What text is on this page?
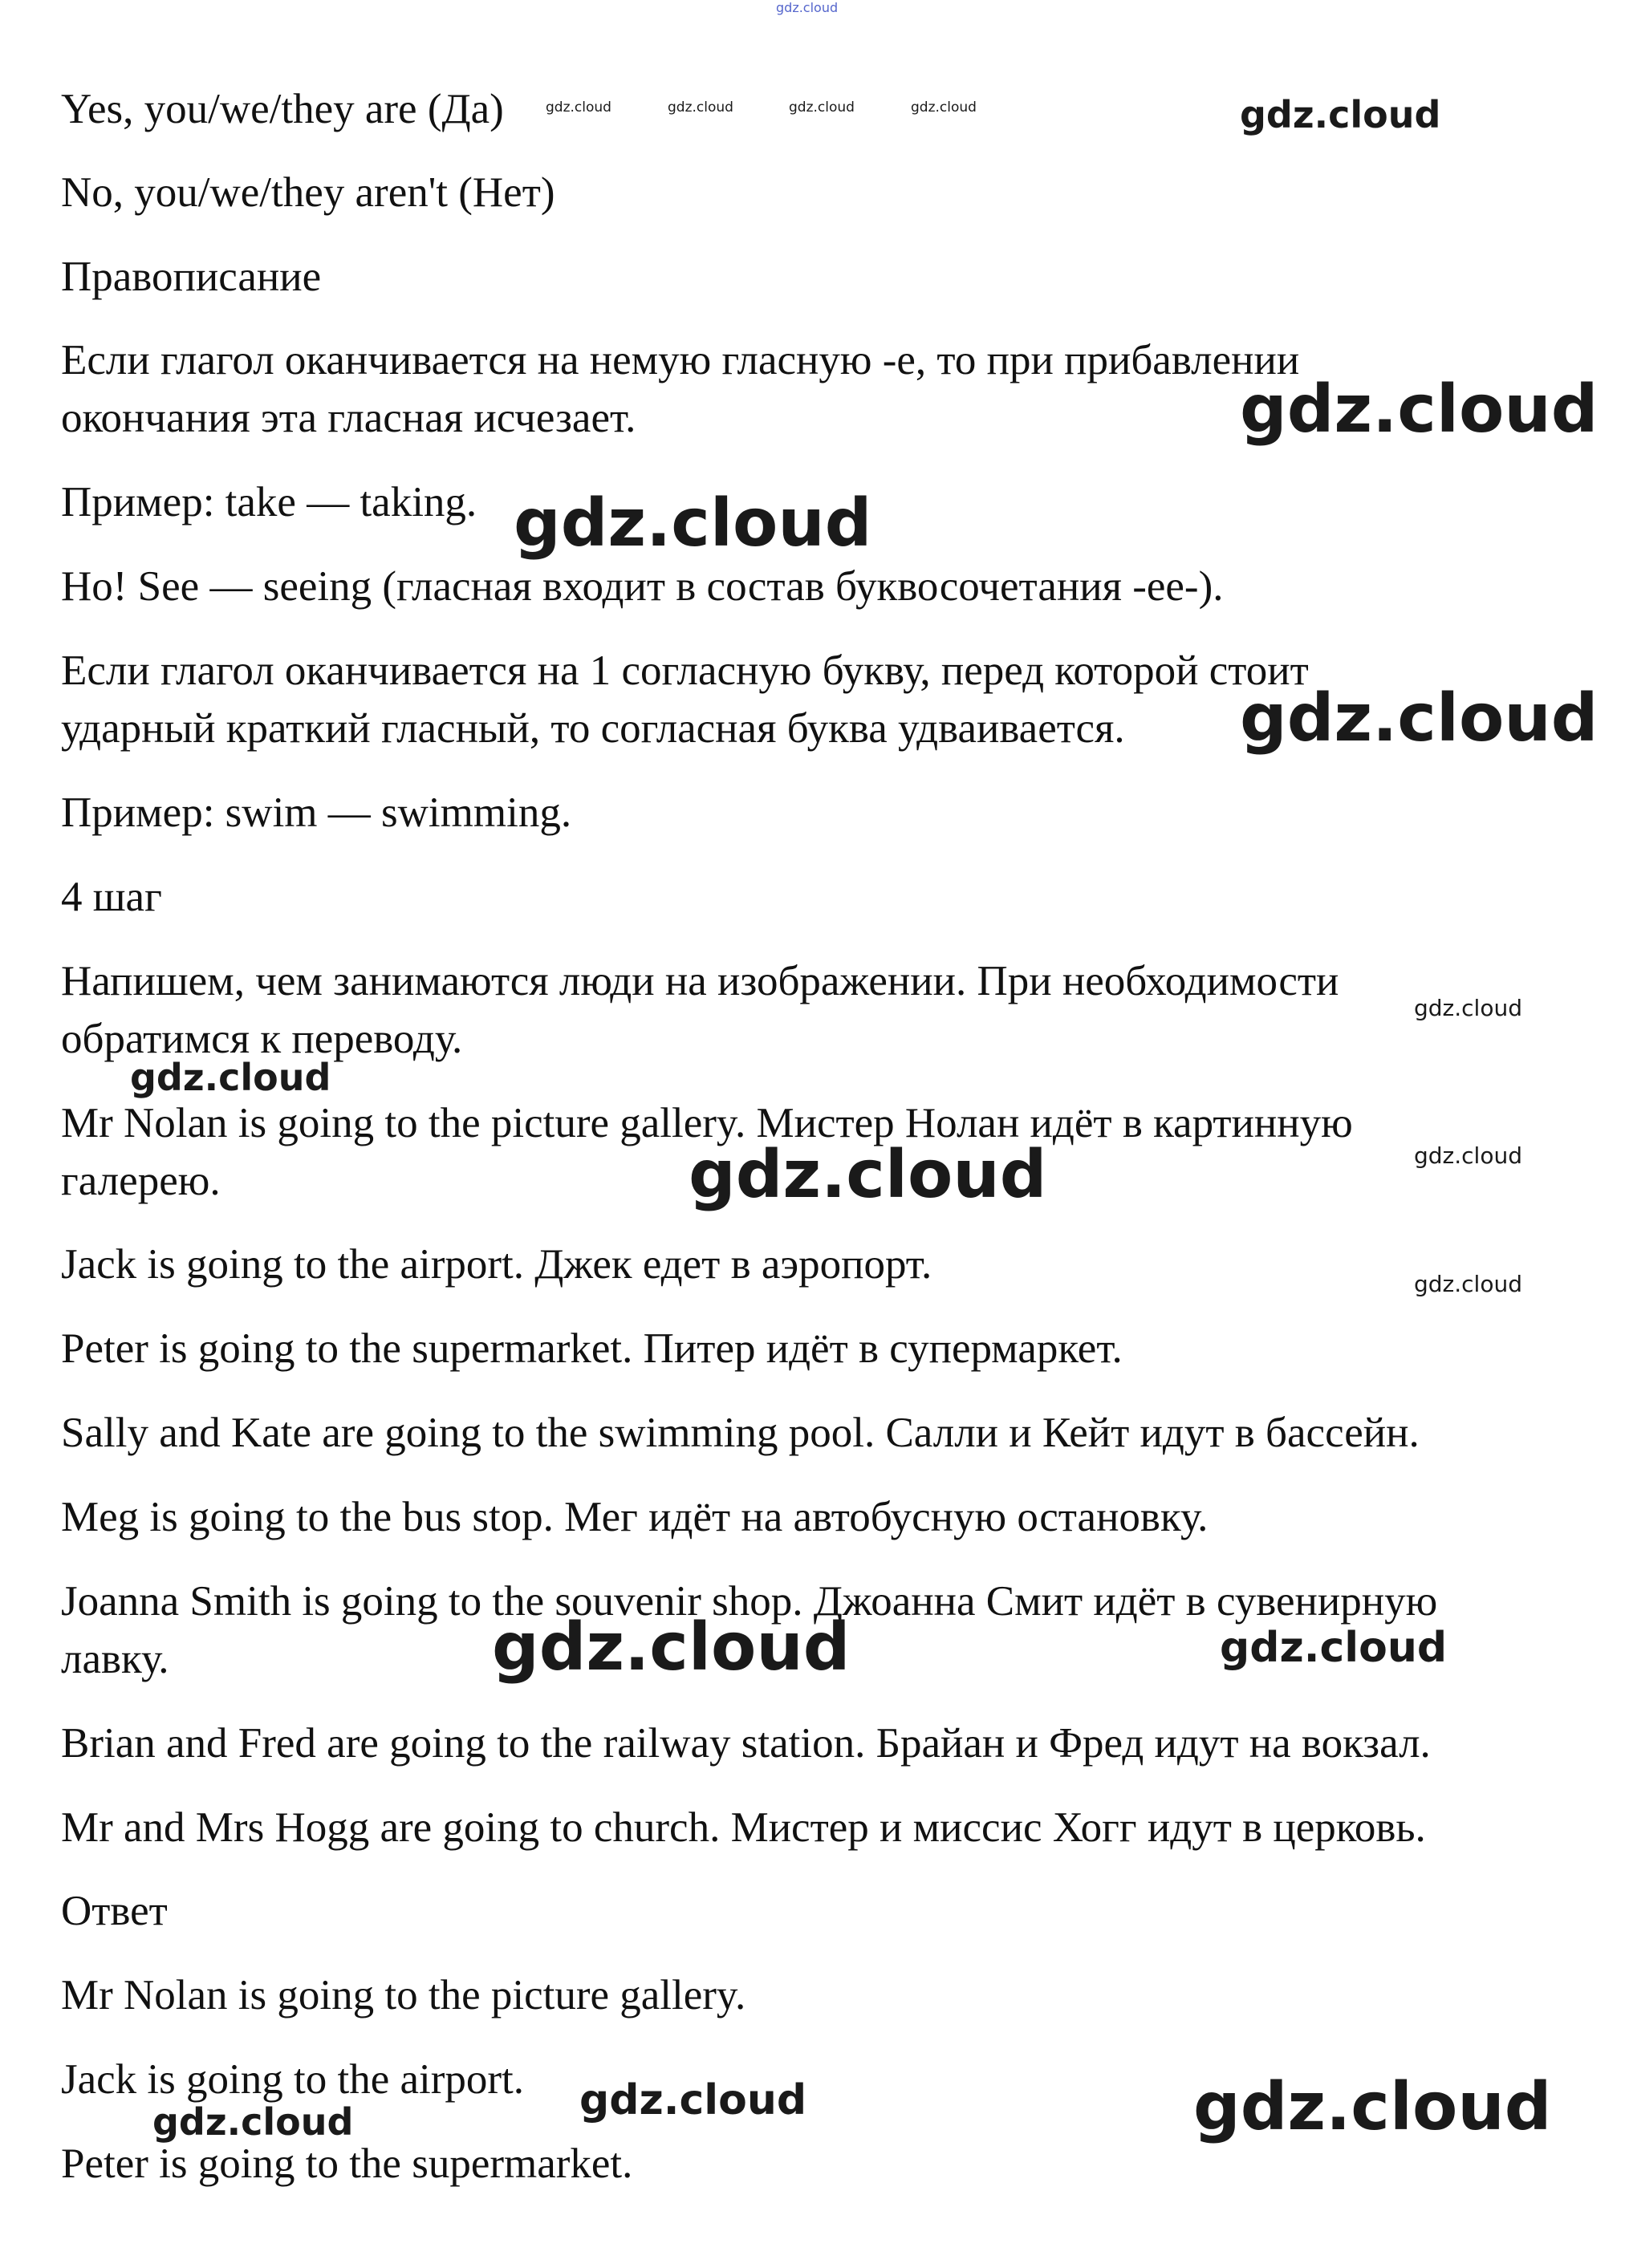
Yes, you/we/they are (Да)

No, you/we/they aren't (Нет)

Правописание

Если глагол оканчивается на немую гласную -е, то при прибавлении

окончания эта гласная исчезает.

Пример: take — taking.

Но! See — seeing (гласная входит в состав буквосочетания -ee-).

Если глагол оканчивается на 1 согласную букву, перед которой стоит

ударный краткий гласный, то согласная буква удваивается.

Пример: swim — swimming.

4 шаг

Напишем, чем занимаются люди на изображении. При необходимости

обратимся к переводу.

Mr Nolan is going to the picture gallery. Мистер Нолан идёт в картинную

галерею.

Jack is going to the airport. Джек едет в аэропорт.

Peter is going to the supermarket. Питер идёт в супермаркет.

Sally and Kate are going to the swimming pool. Салли и Кейт идут в бассейн.

Meg is going to the bus stop. Мег идёт на автобусную остановку.

Joanna Smith is going to the souvenir shop. Джоанна Смит идёт в сувенирную

лавку.

Brian and Fred are going to the railway station. Брайан и Фред идут на вокзал.

Mr and Mrs Hogg are going to church. Мистер и миссис Хогг идут в церковь.

Ответ

Mr Nolan is going to the picture gallery.

Jack is going to the airport.

Peter is going to the supermarket.

gdz.cloud
gdz.cloud	gdz.cloud	gdz.cloud	gdz.cloud	gdz.cloud
gdz.cloud
gdz.cloud
gdz.cloud
gdz.cloud
gdz.cloud
gdz.cloud
gdz.cloud
gdz.cloud
gdz.cloud	gdz.cloud
gdz.cloud
gdz.cloud	gdz.cloud
